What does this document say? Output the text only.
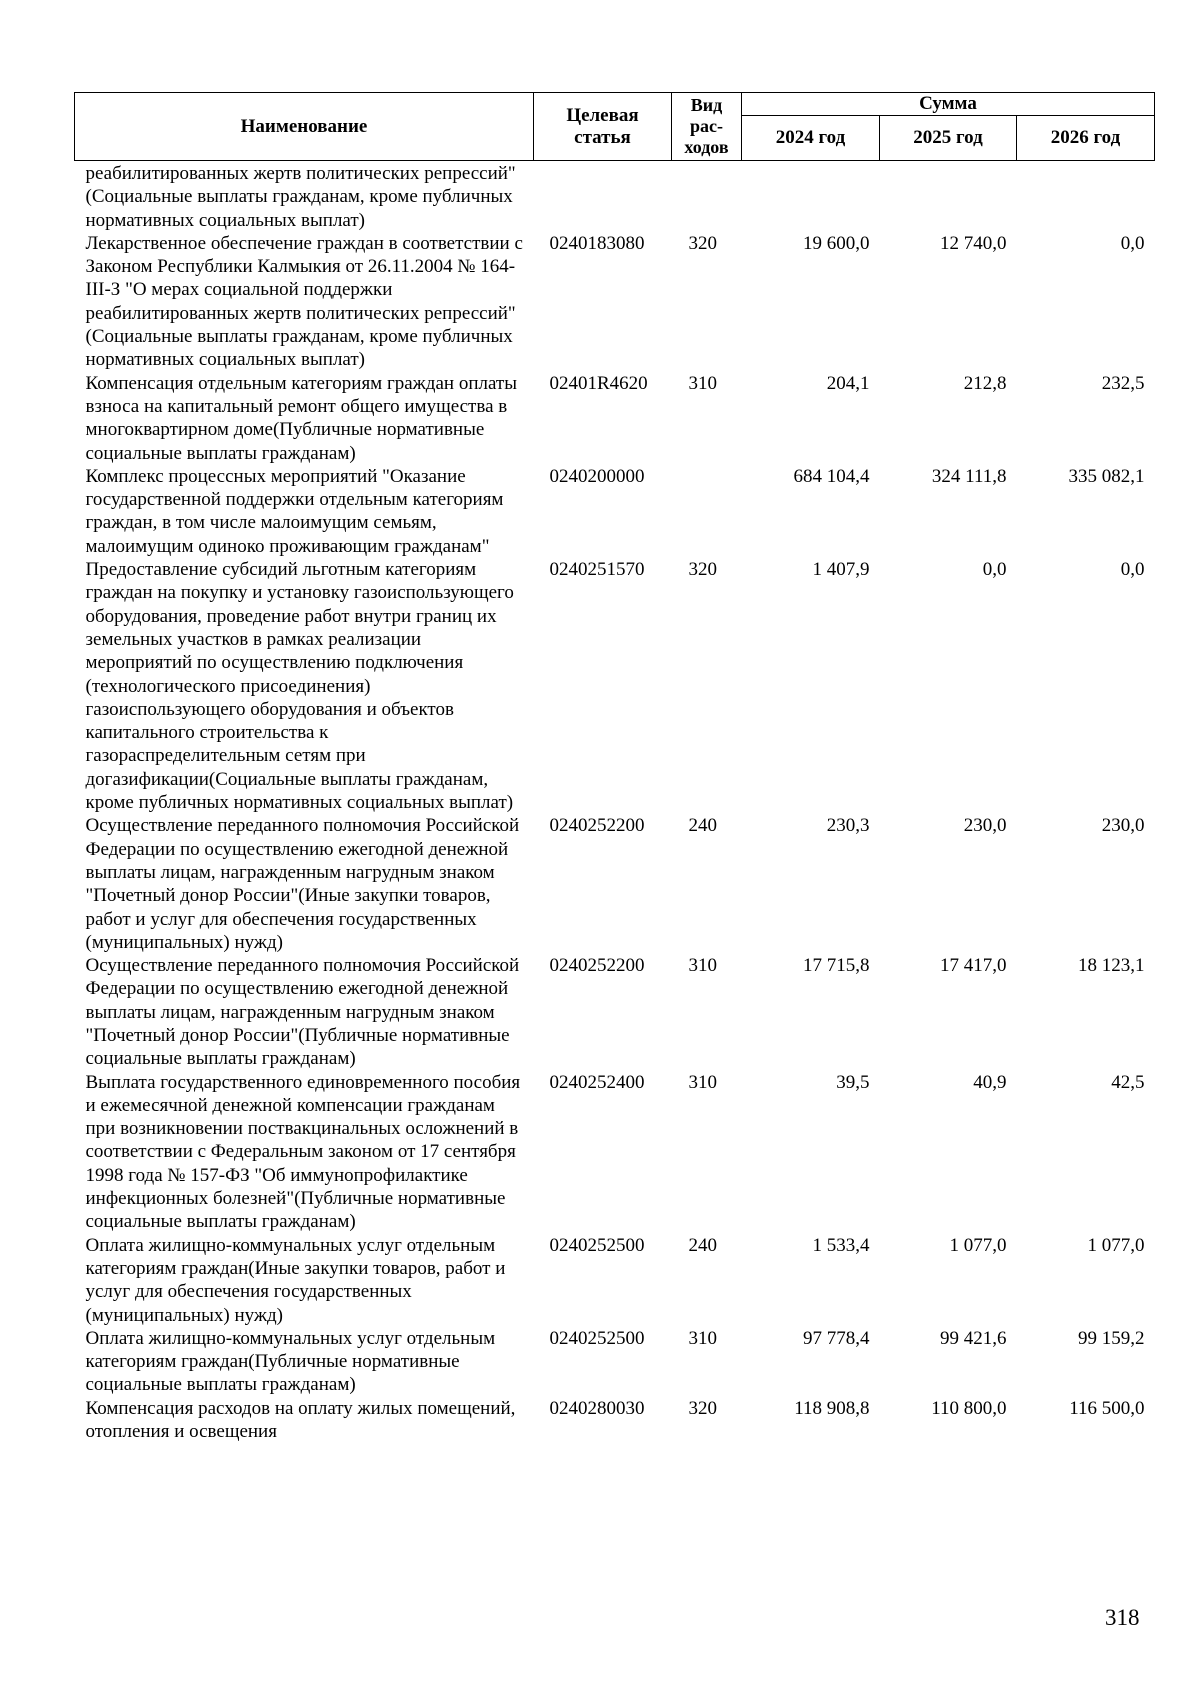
Наименование	Целевая статья	Вид рас-ходов	Сумма		
			2024 год	2025 год	2026 год
реабилитированных жертв политических репрессий"(Социальные выплаты гражданам, кроме публичных нормативных социальных выплат)					
Лекарственное обеспечение граждан в соответствии с Законом Республики Калмыкия от 26.11.2004 № 164-III-З "О мерах социальной поддержки реабилитированных жертв политических репрессий"(Социальные выплаты гражданам, кроме публичных нормативных социальных выплат)	0240183080	320	19 600,0	12 740,0	0,0
Компенсация отдельным категориям граждан оплаты взноса на капитальный ремонт общего имущества в многоквартирном доме(Публичные нормативные социальные выплаты гражданам)	02401R4620	310	204,1	212,8	232,5
Комплекс процессных мероприятий "Оказание государственной поддержки отдельным категориям граждан, в том числе малоимущим семьям, малоимущим одиноко проживающим гражданам"	0240200000		684 104,4	324 111,8	335 082,1
Предоставление субсидий льготным категориям граждан на покупку и установку газоиспользующего оборудования, проведение работ внутри границ их земельных участков в рамках реализации мероприятий по осуществлению подключения (технологического присоединения) газоиспользующего оборудования и объектов капитального строительства к газораспределительным сетям при догазификации(Социальные выплаты гражданам, кроме публичных нормативных социальных выплат)	0240251570	320	1 407,9	0,0	0,0
Осуществление переданного полномочия Российской Федерации по осуществлению ежегодной денежной выплаты лицам, награжденным нагрудным знаком "Почетный донор России"(Иные закупки товаров, работ и услуг для обеспечения государственных (муниципальных) нужд)	0240252200	240	230,3	230,0	230,0
Осуществление переданного полномочия Российской Федерации по осуществлению ежегодной денежной выплаты лицам, награжденным нагрудным знаком "Почетный донор России"(Публичные нормативные социальные выплаты гражданам)	0240252200	310	17 715,8	17 417,0	18 123,1
Выплата государственного единовременного пособия и ежемесячной денежной компенсации гражданам при возникновении поствакцинальных осложнений в соответствии с Федеральным законом от 17 сентября 1998 года № 157-ФЗ "Об иммунопрофилактике инфекционных болезней"(Публичные нормативные социальные выплаты гражданам)	0240252400	310	39,5	40,9	42,5
Оплата жилищно-коммунальных услуг отдельным категориям граждан(Иные закупки товаров, работ и услуг для обеспечения государственных (муниципальных) нужд)	0240252500	240	1 533,4	1 077,0	1 077,0
Оплата жилищно-коммунальных услуг отдельным категориям граждан(Публичные нормативные социальные выплаты гражданам)	0240252500	310	97 778,4	99 421,6	99 159,2
Компенсация расходов на оплату жилых помещений, отопления и освещения	0240280030	320	118 908,8	110 800,0	116 500,0
318
